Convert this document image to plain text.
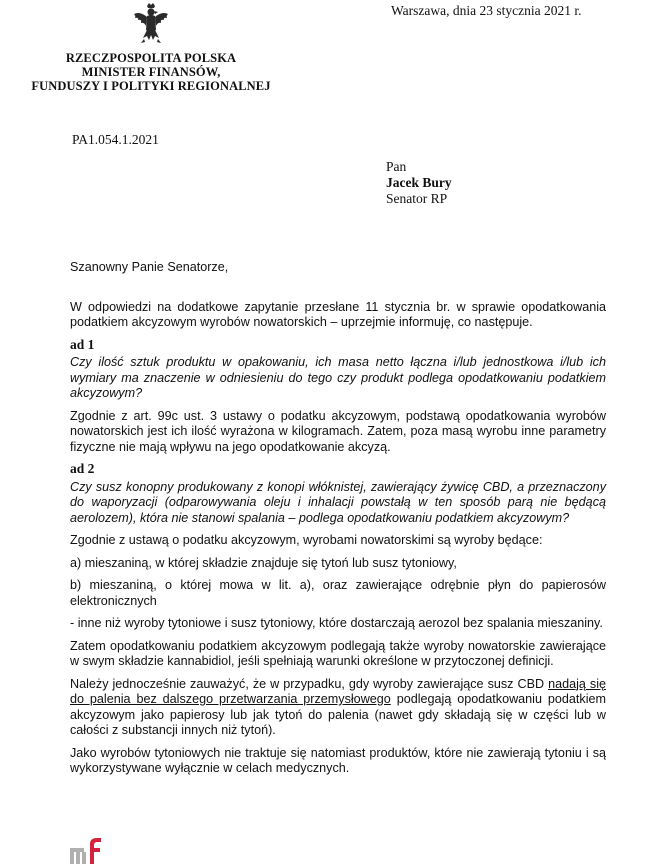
Warszawa, dnia 23 stycznia 2021 r.
RZECZPOSPOLITA POLSKA
MINISTER FINANSÓW,
FUNDUSZY I POLITYKI REGIONALNEJ
PA1.054.1.2021
Pan
Jacek Bury
Senator RP

Szanowny Panie Senatorze,

W odpowiedzi na dodatkowe zapytanie przesłane 11 stycznia br. w sprawie opodatkowania podatkiem akcyzowym wyrobów nowatorskich – uprzejmie informuję, co następuje.

ad 1

Czy ilość sztuk produktu w opakowaniu, ich masa netto łączna i/lub jednostkowa i/lub ich wymiary ma znaczenie w odniesieniu do tego czy produkt podlega opodatkowaniu podatkiem akcyzowym?

Zgodnie z art. 99c ust. 3 ustawy o podatku akcyzowym, podstawą opodatkowania wyrobów nowatorskich jest ich ilość wyrażona w kilogramach. Zatem, poza masą wyrobu inne parametry fizyczne nie mają wpływu na jego opodatkowanie akcyzą.

ad 2

Czy susz konopny produkowany z konopi włóknistej, zawierający żywicę CBD, a przeznaczony do waporyzacji (odparowywania oleju i inhalacji powstałą w ten sposób parą nie będącą aerolozem), która nie stanowi spalania – podlega opodatkowaniu podatkiem akcyzowym?

Zgodnie z ustawą o podatku akcyzowym, wyrobami nowatorskimi są wyroby będące:

a) mieszaniną, w której składzie znajduje się tytoń lub susz tytoniowy,

b) mieszaniną, o której mowa w lit. a), oraz zawierające odrębnie płyn do papierosów elektronicznych

- inne niż wyroby tytoniowe i susz tytoniowy, które dostarczają aerozol bez spalania mieszaniny.

Zatem opodatkowaniu podatkiem akcyzowym podlegają także wyroby nowatorskie zawierające w swym składzie kannabidiol, jeśli spełniają warunki określone w przytoczonej definicji.

Należy jednocześnie zauważyć, że w przypadku, gdy wyroby zawierające susz CBD nadają się do palenia bez dalszego przetwarzania przemysłowego podlegają opodatkowaniu podatkiem akcyzowym jako papierosy lub jak tytoń do palenia (nawet gdy składają się w części lub w całości z substancji innych niż tytoń).

Jako wyrobów tytoniowych nie traktuje się natomiast produktów, które nie zawierają tytoniu i są wykorzystywane wyłącznie w celach medycznych.
